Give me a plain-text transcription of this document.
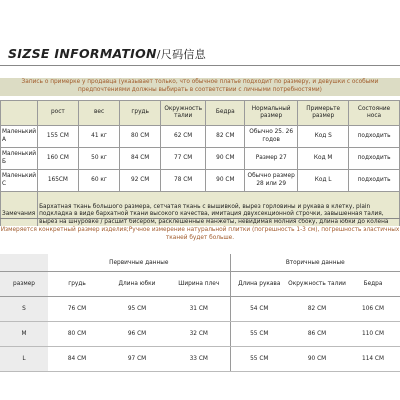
SIZSE INFORMATION/尺码信息
Запись о примерке у продавца (указывает только, что обычное платье подходит по размеру, и девушки с особыми предпочтениями должны выбирать в соответствии с личными потребностями)
	рост	вес	грудь	Окружность талии	Бедра	Нормальный размер	Примерьте размер	Состояние носа
Маленький А	155 CM	41 кг	80 CM	62 CM	82 CM	Обычно 25. 26 годов	Код S	подходить
Маленький Б	160 CM	50 кг	84 CM	77 CM	90 CM	Размер 27	Код M	подходить
Маленький С	165CM	60 кг	92 CM	78 CM	90 CM	Обычно размер 28 или 29	Код L	подходить
Замечания	Бархатная ткань большого размера, сетчатая ткань с вышивкой, вырез горловины и рукава в клетку, plain подкладка в виде бархатной ткани высокого качества, имитация двухсекционной строчки, завышенная талия, вырез на шнуровке / расшит бисером, расклешенные манжеты, невидимая молния сбоку, длина юбки до колена							
Измеряется конкретный размер изделия;Ручное измерение натуральной плитки (погрешность 1-3 см), погрешность эластичных тканей будет больше.
	Первичные данные			Вторичные данные		
размер	грудь	Длина юбки	Ширина плеч	Длина рукава	Окружность талии	Бедра
S	76 CM	95 CM	31 CM	54 CM	82 CM	106 CM
M	80 CM	96 CM	32 CM	55 CM	86 CM	110 CM
L	84 CM	97 CM	33 CM	55 CM	90 CM	114 CM
